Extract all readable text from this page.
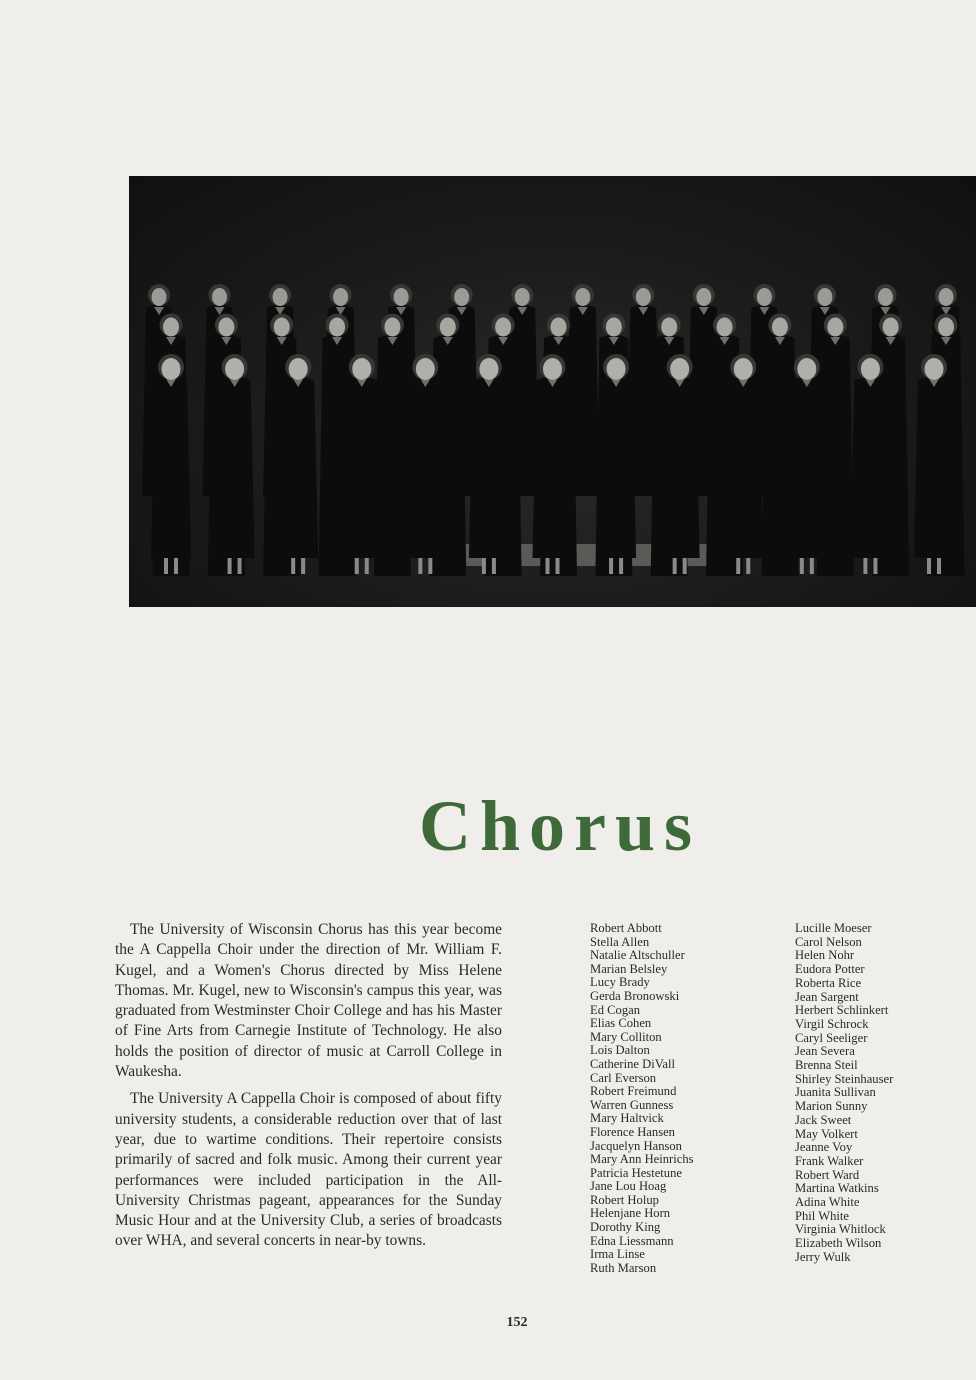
Chorus

The University of Wisconsin Chorus has this year become the A Cappella Choir under the direction of Mr. William F. Kugel, and a Women's Chorus directed by Miss Helene Thomas. Mr. Kugel, new to Wisconsin's campus this year, was graduated from Westminster Choir College and has his Master of Fine Arts from Carnegie Institute of Technology. He also holds the position of director of music at Carroll College in Waukesha.

The University A Cappella Choir is composed of about fifty university students, a considerable reduction over that of last year, due to wartime conditions. Their repertoire consists primarily of sacred and folk music. Among their current year performances were included participation in the All-University Christmas pageant, appearances for the Sunday Music Hour and at the University Club, a series of broadcasts over WHA, and several concerts in near-by towns.

Robert Abbott
Stella Allen
Natalie Altschuller
Marian Belsley
Lucy Brady
Gerda Bronowski
Ed Cogan
Elias Cohen
Mary Colliton
Lois Dalton
Catherine DiVall
Carl Everson
Robert Freimund
Warren Gunness
Mary Haltvick
Florence Hansen
Jacquelyn Hanson
Mary Ann Heinrichs
Patricia Hestetune
Jane Lou Hoag
Robert Holup
Helenjane Horn
Dorothy King
Edna Liessmann
Irma Linse
Ruth Marson
Lucille Moeser
Carol Nelson
Helen Nohr
Eudora Potter
Roberta Rice
Jean Sargent
Herbert Schlinkert
Virgil Schrock
Caryl Seeliger
Jean Severa
Brenna Steil
Shirley Steinhauser
Juanita Sullivan
Marion Sunny
Jack Sweet
May Volkert
Jeanne Voy
Frank Walker
Robert Ward
Martina Watkins
Adina White
Phil White
Virginia Whitlock
Elizabeth Wilson
Jerry Wulk
152
